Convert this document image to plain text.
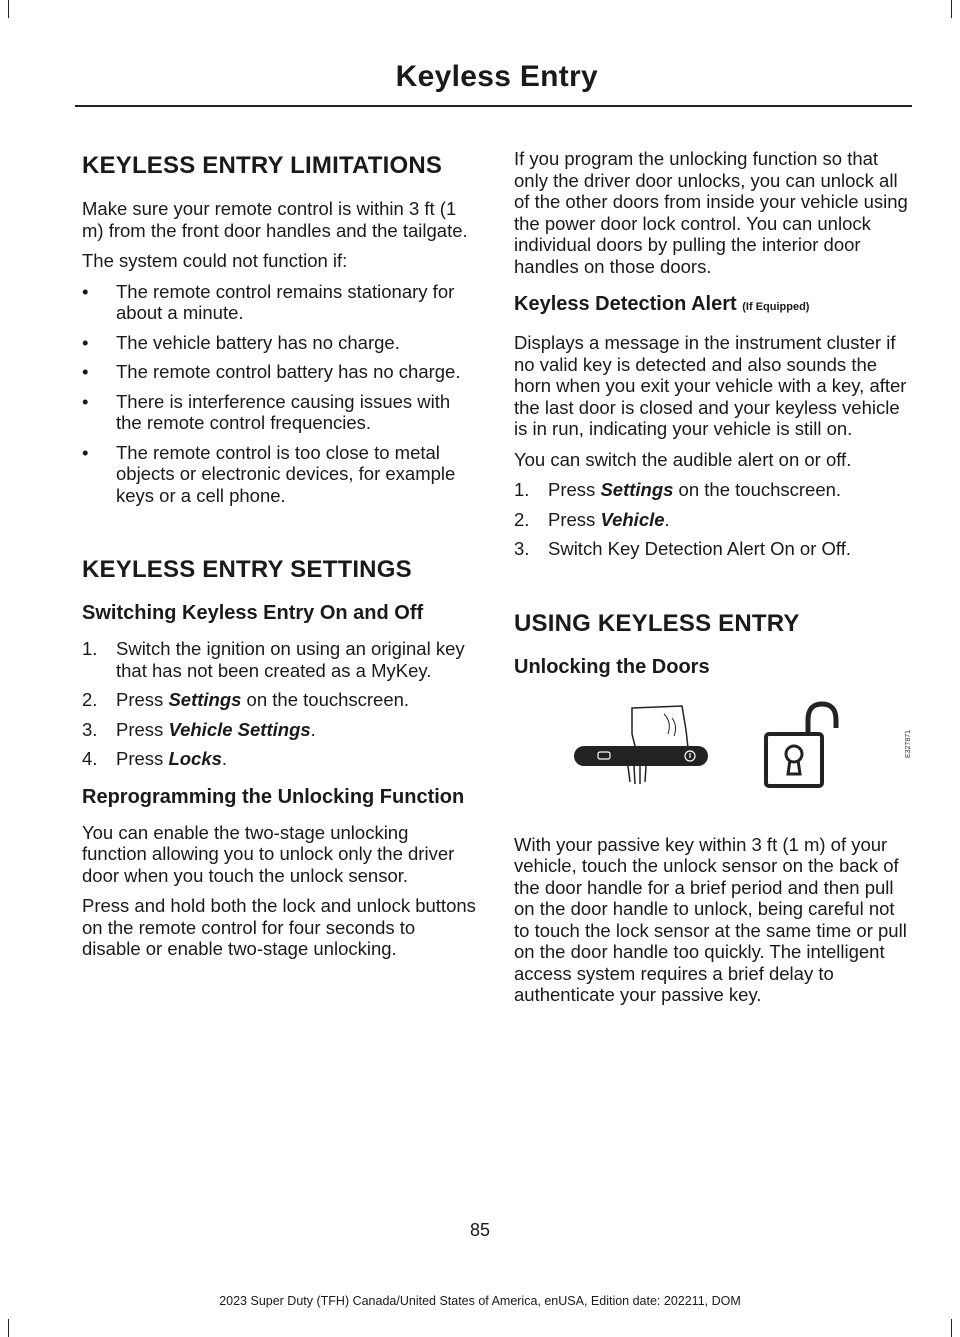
Keyless Entry
KEYLESS ENTRY LIMITATIONS

Make sure your remote control is within 3 ft (1 m) from the front door handles and the tailgate.

The system could not function if:

• The remote control remains stationary for about a minute.
• The vehicle battery has no charge.
• The remote control battery has no charge.
• There is interference causing issues with the remote control frequencies.
• The remote control is too close to metal objects or electronic devices, for example keys or a cell phone.
KEYLESS ENTRY SETTINGS
Switching Keyless Entry On and Off
1. Switch the ignition on using an original key that has not been created as a MyKey.
2. Press Settings on the touchscreen.
3. Press Vehicle Settings.
4. Press Locks.
Reprogramming the Unlocking Function

You can enable the two-stage unlocking function allowing you to unlock only the driver door when you touch the unlock sensor.

Press and hold both the lock and unlock buttons on the remote control for four seconds to disable or enable two-stage unlocking.

If you program the unlocking function so that only the driver door unlocks, you can unlock all of the other doors from inside your vehicle using the power door lock control. You can unlock individual doors by pulling the interior door handles on those doors.

Keyless Detection Alert (If Equipped)

Displays a message in the instrument cluster if no valid key is detected and also sounds the horn when you exit your vehicle with a key, after the last door is closed and your keyless vehicle is in run, indicating your vehicle is still on.

You can switch the audible alert on or off.

1. Press Settings on the touchscreen.
2. Press Vehicle.
3. Switch Key Detection Alert On or Off.
USING KEYLESS ENTRY
Unlocking the Doors
E327871

With your passive key within 3 ft (1 m) of your vehicle, touch the unlock sensor on the back of the door handle for a brief period and then pull on the door handle to unlock, being careful not to touch the lock sensor at the same time or pull on the door handle too quickly. The intelligent access system requires a brief delay to authenticate your passive key.

85
2023 Super Duty (TFH) Canada/United States of America, enUSA, Edition date: 202211, DOM
